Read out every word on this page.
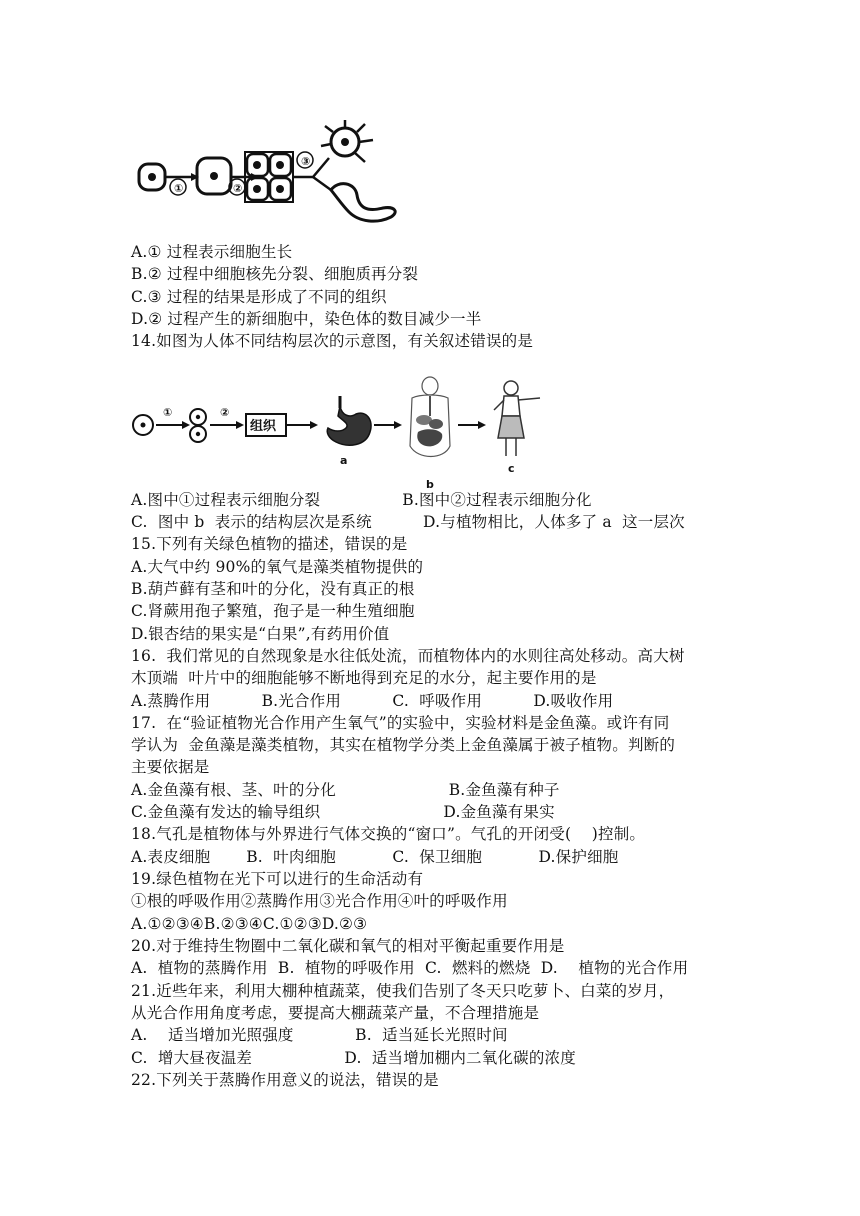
①	②
③
A.① 过程表示细胞生长
B.② 过程中细胞核先分裂、细胞质再分裂
C.③ 过程的结果是形成了不同的组织
D.② 过程产生的新细胞中，染色体的数目减少一半
14.如图为人体不同结构层次的示意图，有关叙述错误的是
①	②
组织
a
b
c
A.图中①过程表示细胞分裂                B.图中②过程表示细胞分化
C.  图中 b  表示的结构层次是系统          D.与植物相比，人体多了 a  这一层次
15.下列有关绿色植物的描述，错误的是
A.大气中约 90%的氧气是藻类植物提供的
B.葫芦藓有茎和叶的分化，没有真正的根
C.肾蕨用孢子繁殖，孢子是一种生殖细胞
D.银杏结的果实是“白果”,有药用价值
16.  我们常见的自然现象是水往低处流，而植物体内的水则往高处移动。高大树
木顶端  叶片中的细胞能够不断地得到充足的水分，起主要作用的是
A.蒸腾作用          B.光合作用          C.  呼吸作用          D.吸收作用
17.  在“验证植物光合作用产生氧气”的实验中，实验材料是金鱼藻。或许有同
学认为  金鱼藻是藻类植物，其实在植物学分类上金鱼藻属于被子植物。判断的
主要依据是
A.金鱼藻有根、茎、叶的分化                      B.金鱼藻有种子
C.金鱼藻有发达的输导组织                        D.金鱼藻有果实
18.气孔是植物体与外界进行气体交换的“窗口”。气孔的开闭受(    )控制。
A.表皮细胞       B.  叶肉细胞           C.  保卫细胞           D.保护细胞
19.绿色植物在光下可以进行的生命活动有
①根的呼吸作用②蒸腾作用③光合作用④叶的呼吸作用
A.①②③④B.②③④C.①②③D.②③
20.对于维持生物圈中二氧化碳和氧气的相对平衡起重要作用是
A.  植物的蒸腾作用  B.  植物的呼吸作用  C.  燃料的燃烧  D.    植物的光合作用
21.近些年来，利用大棚种植蔬菜，使我们告别了冬天只吃萝卜、白菜的岁月，
从光合作用角度考虑，要提高大棚蔬菜产量，不合理措施是
A.    适当增加光照强度            B.  适当延长光照时间
C.  增大昼夜温差                  D.  适当增加棚内二氧化碳的浓度
22.下列关于蒸腾作用意义的说法，错误的是
